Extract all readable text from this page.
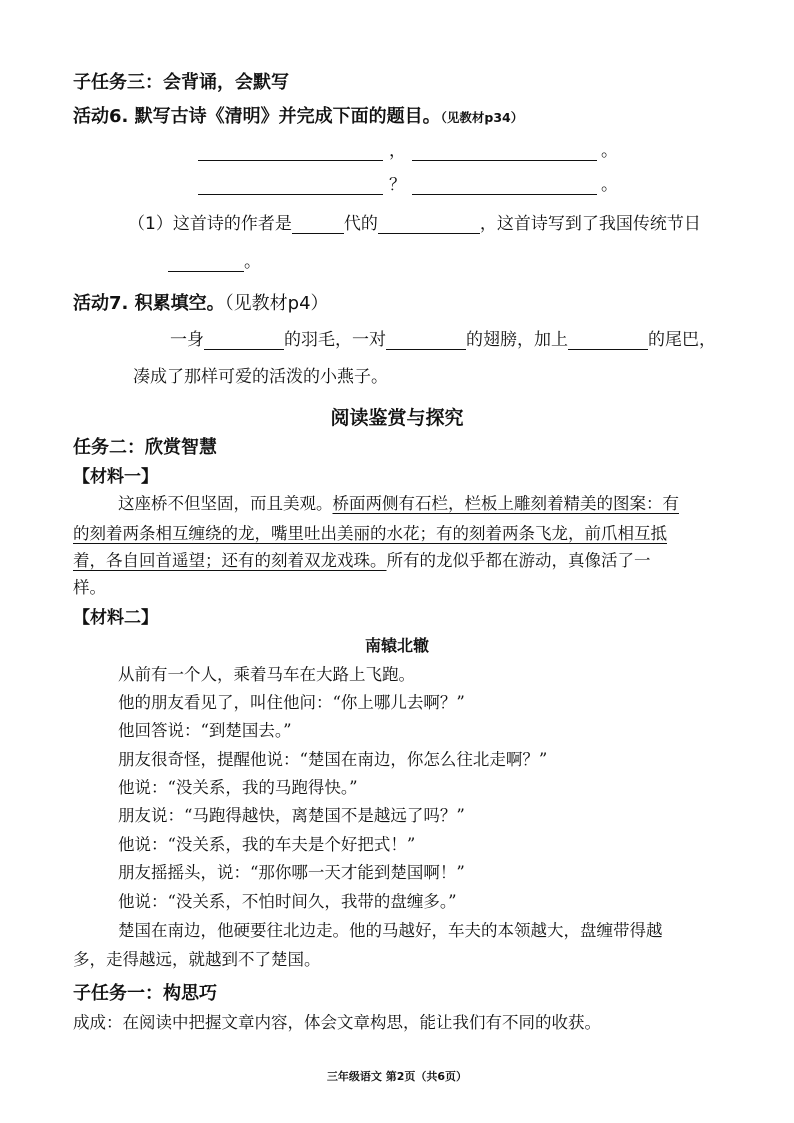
子任务三：会背诵，会默写
活动6. 默写古诗《清明》并完成下面的题目。（见教材p34）
，	。
？	。
（1）这首诗的作者是	代的	，这首诗写到了我国传统节日
。
活动7. 积累填空。（见教材p4）
一身	的羽毛，一对	的翅膀，加上	的尾巴，
凑成了那样可爱的活泼的小燕子。
阅读鉴赏与探究
任务二：欣赏智慧
【材料一】
这座桥不但坚固，而且美观。桥面两侧有石栏，栏板上雕刻着精美的图案：有
的刻着两条相互缠绕的龙，嘴里吐出美丽的水花；有的刻着两条飞龙，前爪相互抵
着，各自回首遥望；还有的刻着双龙戏珠。所有的龙似乎都在游动，真像活了一
样。
【材料二】
南辕北辙
从前有一个人，乘着马车在大路上飞跑。
他的朋友看见了，叫住他问：“你上哪儿去啊？”
他回答说：“到楚国去。”
朋友很奇怪，提醒他说：“楚国在南边，你怎么往北走啊？”
他说：“没关系，我的马跑得快。”
朋友说：“马跑得越快，离楚国不是越远了吗？”
他说：“没关系，我的车夫是个好把式！”
朋友摇摇头，说：“那你哪一天才能到楚国啊！”
他说：“没关系，不怕时间久，我带的盘缠多。”
楚国在南边，他硬要往北边走。他的马越好，车夫的本领越大，盘缠带得越
多，走得越远，就越到不了楚国。
子任务一：构思巧
成成：在阅读中把握文章内容，体会文章构思，能让我们有不同的收获。
三年级语文 第2页（共6页）
